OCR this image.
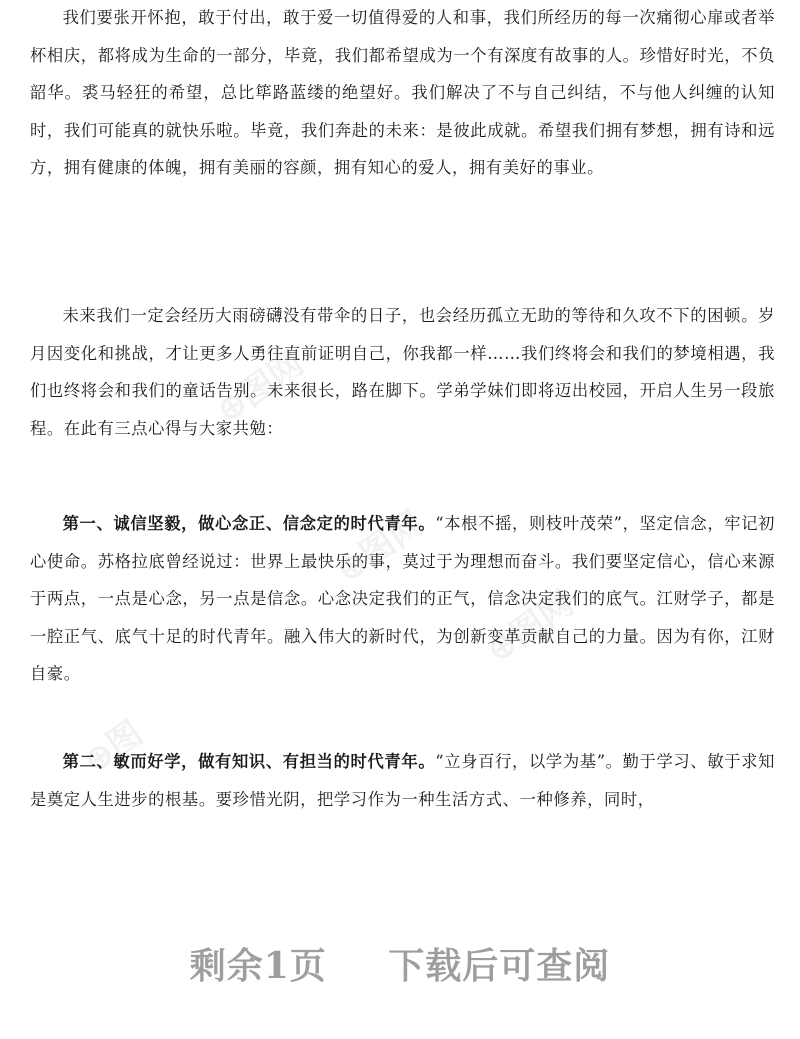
⊕图网
⊕图网
⊕图
⊕图网

我们要张开怀抱，敢于付出，敢于爱一切值得爱的人和事，我们所经历的每一次痛彻心扉或者举杯相庆，都将成为生命的一部分，毕竟，我们都希望成为一个有深度有故事的人。珍惜好时光，不负韶华。裘马轻狂的希望，总比筚路蓝缕的绝望好。我们解决了不与自己纠结，不与他人纠缠的认知时，我们可能真的就快乐啦。毕竟，我们奔赴的未来：是彼此成就。希望我们拥有梦想，拥有诗和远方，拥有健康的体魄，拥有美丽的容颜，拥有知心的爱人，拥有美好的事业。

未来我们一定会经历大雨磅礴没有带伞的日子，也会经历孤立无助的等待和久攻不下的困顿。岁月因变化和挑战，才让更多人勇往直前证明自己，你我都一样……我们终将会和我们的梦境相遇，我们也终将会和我们的童话告别。未来很长，路在脚下。学弟学妹们即将迈出校园，开启人生另一段旅程。在此有三点心得与大家共勉：

第一、诚信坚毅，做心念正、信念定的时代青年。“本根不摇，则枝叶茂荣”，坚定信念，牢记初心使命。苏格拉底曾经说过：世界上最快乐的事，莫过于为理想而奋斗。我们要坚定信心，信心来源于两点，一点是心念，另一点是信念。心念决定我们的正气，信念决定我们的底气。江财学子，都是一腔正气、底气十足的时代青年。融入伟大的新时代，为创新变革贡献自己的力量。因为有你，江财自豪。

第二、敏而好学，做有知识、有担当的时代青年。“立身百行，以学为基”。勤于学习、敏于求知是奠定人生进步的根基。要珍惜光阴，把学习作为一种生活方式、一种修养，同时，

剩余1页 下载后可查阅
